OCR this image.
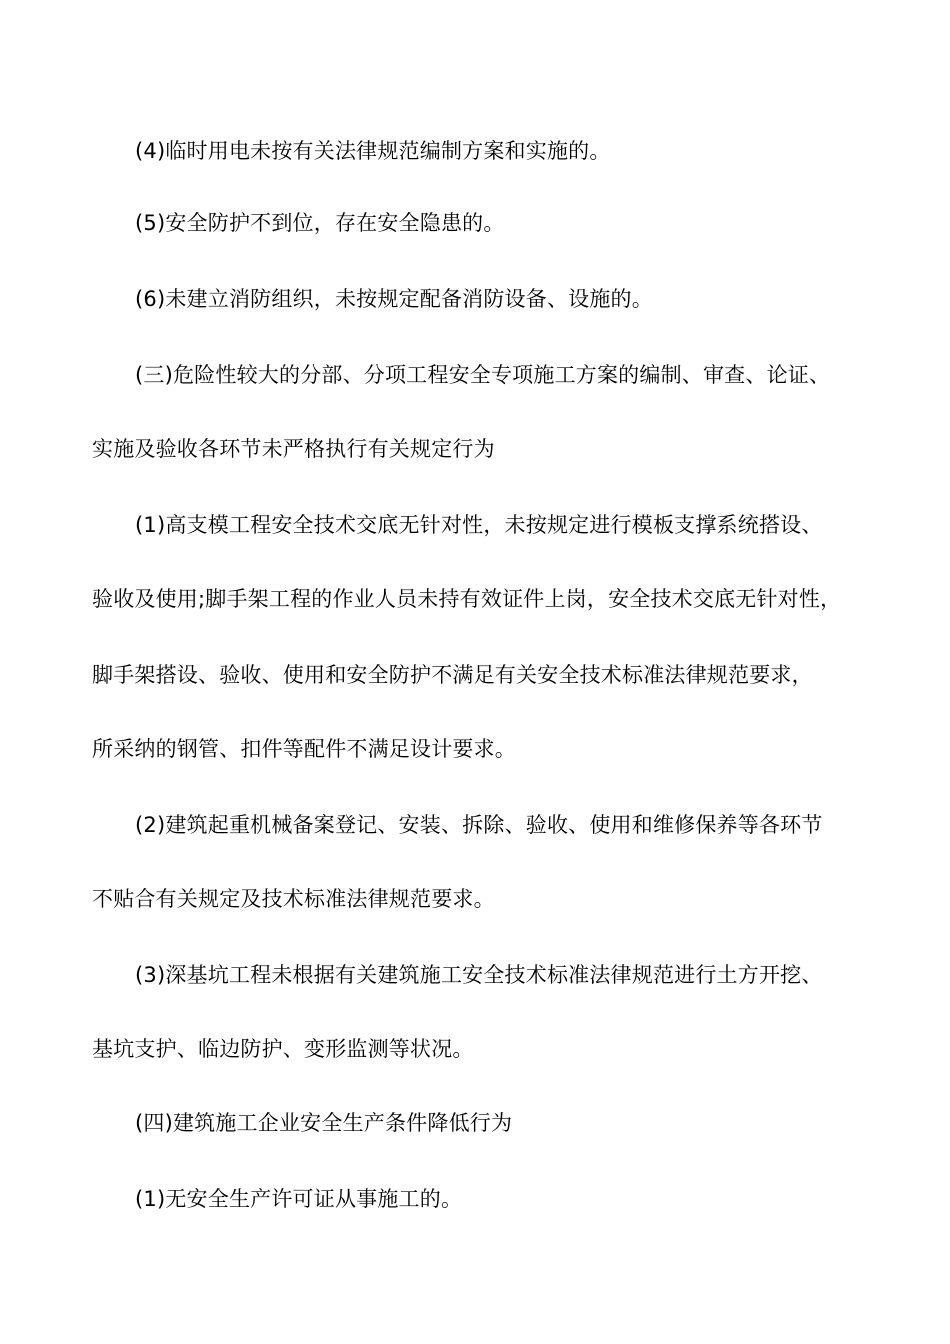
(4)临时用电未按有关法律规范编制方案和实施的。
(5)安全防护不到位，存在安全隐患的。
(6)未建立消防组织，未按规定配备消防设备、设施的。
(三)危险性较大的分部、分项工程安全专项施工方案的编制、审查、论证、
实施及验收各环节未严格执行有关规定行为
(1)高支模工程安全技术交底无针对性，未按规定进行模板支撑系统搭设、
验收及使用;脚手架工程的作业人员未持有效证件上岗，安全技术交底无针对性，
脚手架搭设、验收、使用和安全防护不满足有关安全技术标准法律规范要求，
所采纳的钢管、扣件等配件不满足设计要求。
(2)建筑起重机械备案登记、安装、拆除、验收、使用和维修保养等各环节
不贴合有关规定及技术标准法律规范要求。
(3)深基坑工程未根据有关建筑施工安全技术标准法律规范进行土方开挖、
基坑支护、临边防护、变形监测等状况。
(四)建筑施工企业安全生产条件降低行为
(1)无安全生产许可证从事施工的。
